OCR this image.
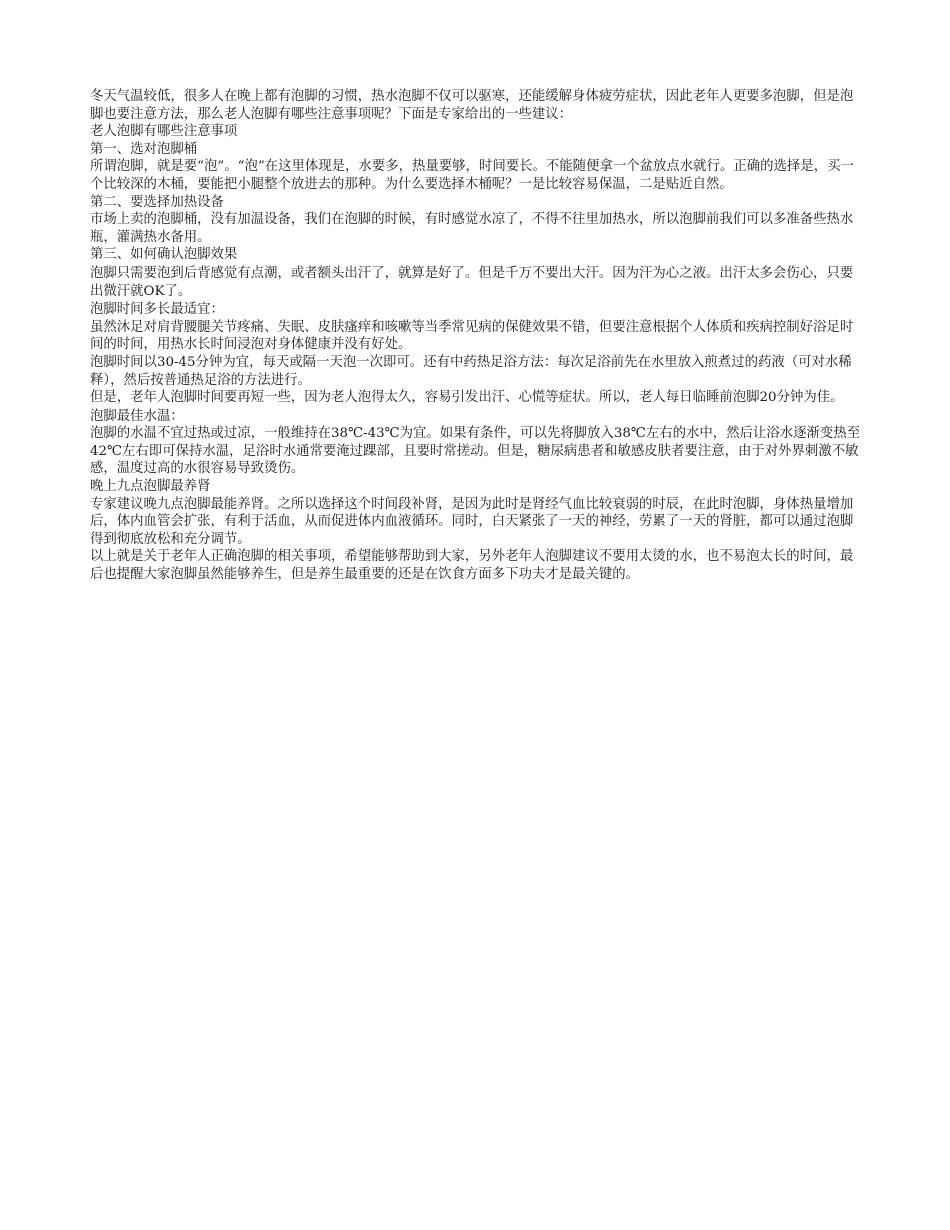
冬天气温较低，很多人在晚上都有泡脚的习惯，热水泡脚不仅可以驱寒，还能缓解身体疲劳症状，因此老年人更要多泡脚，但是泡脚也要注意方法，那么老人泡脚有哪些注意事项呢？下面是专家给出的一些建议：

老人泡脚有哪些注意事项

第一、选对泡脚桶

所谓泡脚，就是要“泡”。“泡”在这里体现是，水要多，热量要够，时间要长。不能随便拿一个盆放点水就行。正确的选择是，买一个比较深的木桶，要能把小腿整个放进去的那种。为什么要选择木桶呢？一是比较容易保温，二是贴近自然。

第二、要选择加热设备

市场上卖的泡脚桶，没有加温设备，我们在泡脚的时候，有时感觉水凉了，不得不往里加热水，所以泡脚前我们可以多准备些热水瓶，灌满热水备用。

第三、如何确认泡脚效果

泡脚只需要泡到后背感觉有点潮，或者额头出汗了，就算是好了。但是千万不要出大汗。因为汗为心之液。出汗太多会伤心，只要出微汗就OK了。

泡脚时间多长最适宜：

虽然沐足对肩背腰腿关节疼痛、失眠、皮肤瘙痒和咳嗽等当季常见病的保健效果不错，但要注意根据个人体质和疾病控制好浴足时间的时间，用热水长时间浸泡对身体健康并没有好处。

泡脚时间以30-45分钟为宜，每天或隔一天泡一次即可。还有中药热足浴方法：每次足浴前先在水里放入煎煮过的药液（可对水稀释），然后按普通热足浴的方法进行。

但是，老年人泡脚时间要再短一些，因为老人泡得太久，容易引发出汗、心慌等症状。所以，老人每日临睡前泡脚20分钟为佳。

泡脚最佳水温：

泡脚的水温不宜过热或过凉，一般维持在38℃-43℃为宜。如果有条件，可以先将脚放入38℃左右的水中，然后让浴水逐渐变热至42℃左右即可保持水温，足浴时水通常要淹过踝部，且要时常搓动。但是，糖尿病患者和敏感皮肤者要注意，由于对外界刺激不敏感，温度过高的水很容易导致烫伤。

晚上九点泡脚最养肾

专家建议晚九点泡脚最能养肾。之所以选择这个时间段补肾，是因为此时是肾经气血比较衰弱的时辰，在此时泡脚，身体热量增加后，体内血管会扩张，有利于活血，从而促进体内血液循环。同时，白天紧张了一天的神经，劳累了一天的肾脏，都可以通过泡脚得到彻底放松和充分调节。

以上就是关于老年人正确泡脚的相关事项，希望能够帮助到大家，另外老年人泡脚建议不要用太烫的水，也不易泡太长的时间，最后也提醒大家泡脚虽然能够养生，但是养生最重要的还是在饮食方面多下功夫才是最关键的。
